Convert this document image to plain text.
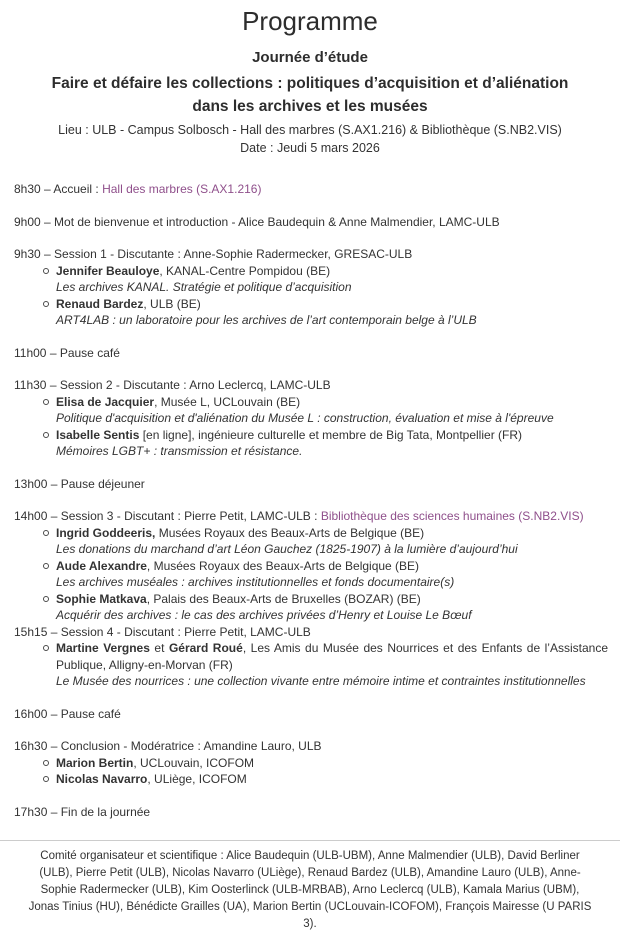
Programme

Journée d’étude

Faire et défaire les collections : politiques d’acquisition et d’aliénation

dans les archives et les musées

Lieu : ULB - Campus Solbosch - Hall des marbres (S.AX1.216) & Bibliothèque (S.NB2.VIS)
Date : Jeudi 5 mars 2026
8h30 – Accueil : Hall des marbres (S.AX1.216)
9h00 – Mot de bienvenue et introduction - Alice Baudequin & Anne Malmendier, LAMC-ULB
9h30 – Session 1 - Discutante : Anne-Sophie Radermecker, GRESAC-ULB
Jennifer Beauloye, KANAL-Centre Pompidou (BE)
Les archives KANAL. Stratégie et politique d’acquisition
Renaud Bardez, ULB (BE)
ART4LAB : un laboratoire pour les archives de l’art contemporain belge à l’ULB
11h00 – Pause café
11h30 – Session 2 - Discutante : Arno Leclercq, LAMC-ULB
Elisa de Jacquier, Musée L, UCLouvain (BE)
Politique d'acquisition et d'aliénation du Musée L : construction, évaluation et mise à l'épreuve
Isabelle Sentis [en ligne], ingénieure culturelle et membre de Big Tata, Montpellier (FR)
Mémoires LGBT+ : transmission et résistance.
13h00 – Pause déjeuner
14h00 – Session 3 - Discutant : Pierre Petit, LAMC-ULB : Bibliothèque des sciences humaines (S.NB2.VIS)
Ingrid Goddeeris, Musées Royaux des Beaux-Arts de Belgique (BE)
Les donations du marchand d’art Léon Gauchez (1825-1907) à la lumière d’aujourd’hui
Aude Alexandre, Musées Royaux des Beaux-Arts de Belgique (BE)
Les archives muséales : archives institutionnelles et fonds documentaire(s)
Sophie Matkava, Palais des Beaux-Arts de Bruxelles (BOZAR) (BE)
Acquérir des archives : le cas des archives privées d’Henry et Louise Le Bœuf
15h15 – Session 4 - Discutant : Pierre Petit, LAMC-ULB
Martine Vergnes et Gérard Roué, Les Amis du Musée des Nourrices et des Enfants de l’Assistance Publique, Alligny-en-Morvan (FR)
Le Musée des nourrices : une collection vivante entre mémoire intime et contraintes institutionnelles
16h00 – Pause café
16h30 – Conclusion - Modératrice : Amandine Lauro, ULB
Marion Bertin, UCLouvain, ICOFOM
Nicolas Navarro, ULiège, ICOFOM
17h30 – Fin de la journée
Comité organisateur et scientifique : Alice Baudequin (ULB-UBM), Anne Malmendier (ULB), David Berliner (ULB), Pierre Petit (ULB), Nicolas Navarro (ULiège), Renaud Bardez (ULB), Amandine Lauro (ULB), Anne-Sophie Radermecker (ULB), Kim Oosterlinck (ULB-MRBAB), Arno Leclercq (ULB), Kamala Marius (UBM), Jonas Tinius (HU), Bénédicte Grailles (UA), Marion Bertin (UCLouvain-ICOFOM), François Mairesse (U PARIS 3).
